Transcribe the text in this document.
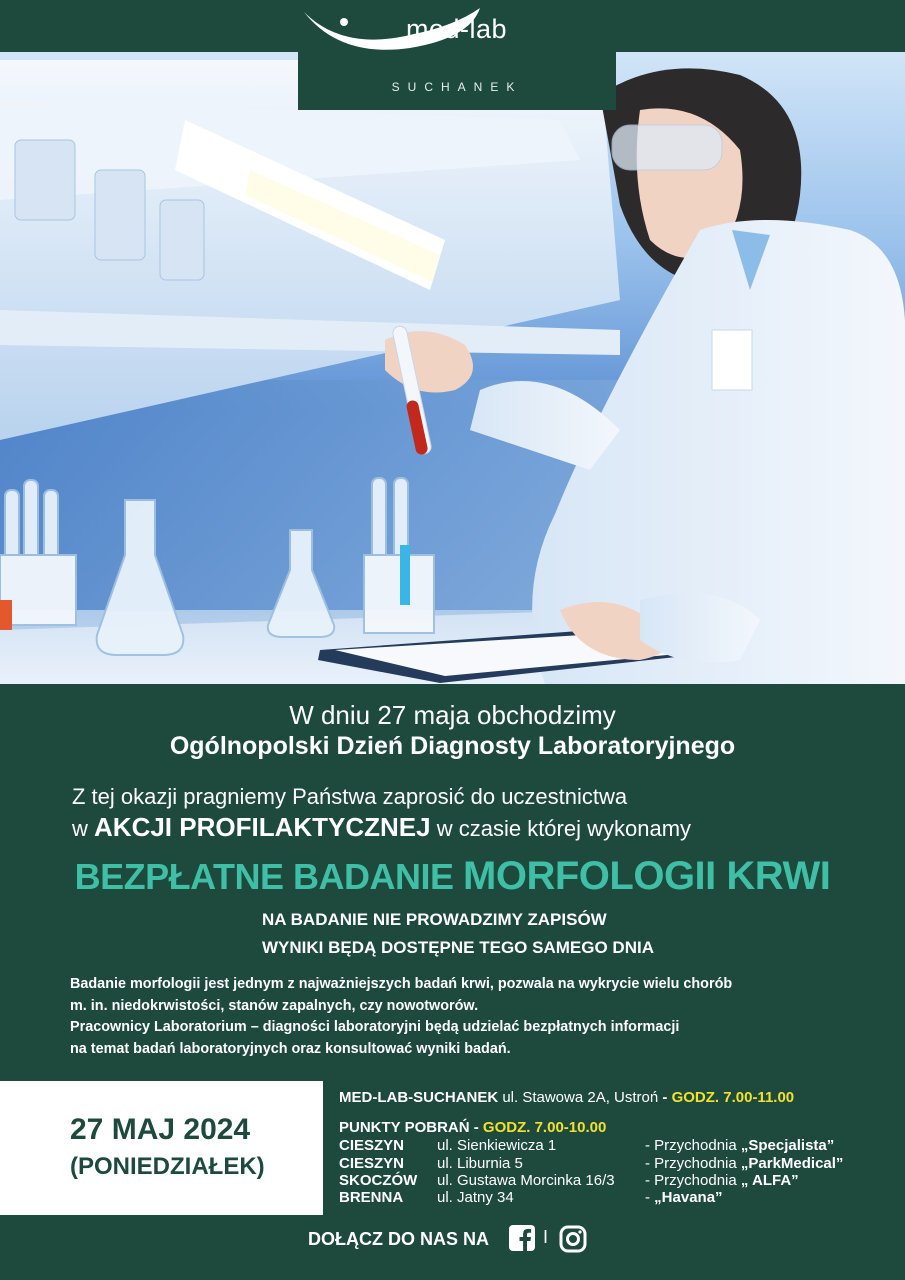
med-lab
SUCHANEK
W dniu 27 maja obchodzimy
Ogólnopolski Dzień Diagnosty Laboratoryjnego
Z tej okazji pragniemy Państwa zaprosić do uczestnictwa
w AKCJI PROFILAKTYCZNEJ w czasie której wykonamy
BEZPŁATNE BADANIE MORFOLOGII KRWI
NA BADANIE NIE PROWADZIMY ZAPISÓW
WYNIKI BĘDĄ DOSTĘPNE TEGO SAMEGO DNIA
Badanie morfologii jest jednym z najważniejszych badań krwi, pozwala na wykrycie wielu chorób
m. in. niedokrwistości, stanów zapalnych, czy nowotworów.
Pracownicy Laboratorium – diagności laboratoryjni będą udzielać bezpłatnych informacji
na temat badań laboratoryjnych oraz konsultować wyniki badań.
27 MAJ 2024
(PONIEDZIAŁEK)
MED-LAB-SUCHANEK ul. Stawowa 2A, Ustroń - GODZ. 7.00-11.00
PUNKTY POBRAŃ - GODZ. 7.00-10.00
CIESZYN ul. Sienkiewicza 1	- Przychodnia „Specjalista”
CIESZYN ul. Liburnia 5	- Przychodnia „ParkMedical”
SKOCZÓW ul. Gustawa Morcinka 16/3 - Przychodnia „ ALFA”
BRENNA ul. Jatny 34	- „Havana”
DOŁĄCZ DO NAS NA	I
